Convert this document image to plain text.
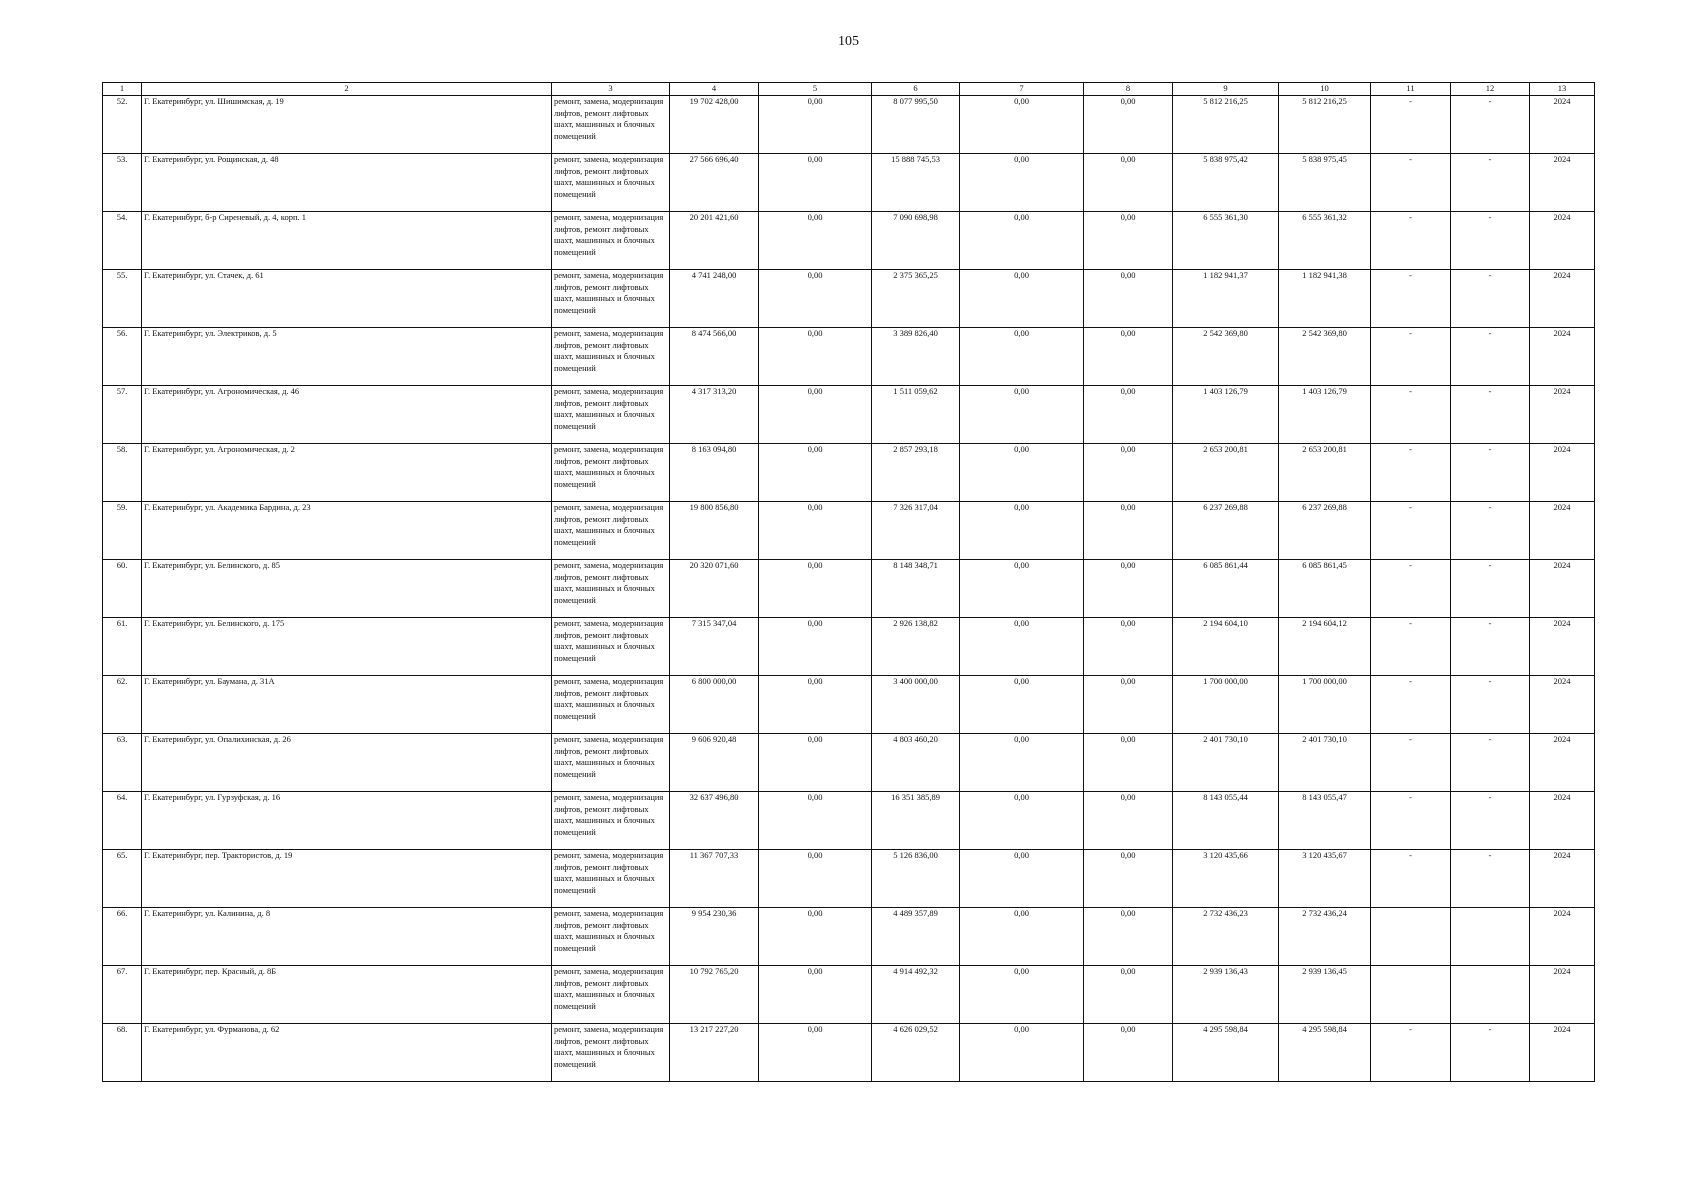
105
1	2	3	4	5	6	7	8	9	10	11	12	13
52.	Г. Екатеринбург, ул. Шишимская, д. 19	ремонт, замена, модернизация лифтов, ремонт лифтовых шахт, машинных и блочных помещений	19 702 428,00	0,00	8 077 995,50	0,00	0,00	5 812 216,25	5 812 216,25	-	-	2024
53.	Г. Екатеринбург, ул. Рощинская, д. 48	ремонт, замена, модернизация лифтов, ремонт лифтовых шахт, машинных и блочных помещений	27 566 696,40	0,00	15 888 745,53	0,00	0,00	5 838 975,42	5 838 975,45	-	-	2024
54.	Г. Екатеринбург, б-р Сиреневый, д. 4, корп. 1	ремонт, замена, модернизация лифтов, ремонт лифтовых шахт, машинных и блочных помещений	20 201 421,60	0,00	7 090 698,98	0,00	0,00	6 555 361,30	6 555 361,32	-	-	2024
55.	Г. Екатеринбург, ул. Стачек, д. 61	ремонт, замена, модернизация лифтов, ремонт лифтовых шахт, машинных и блочных помещений	4 741 248,00	0,00	2 375 365,25	0,00	0,00	1 182 941,37	1 182 941,38	-	-	2024
56.	Г. Екатеринбург, ул. Электриков, д. 5	ремонт, замена, модернизация лифтов, ремонт лифтовых шахт, машинных и блочных помещений	8 474 566,00	0,00	3 389 826,40	0,00	0,00	2 542 369,80	2 542 369,80	-	-	2024
57.	Г. Екатеринбург, ул. Агрономическая, д. 46	ремонт, замена, модернизация лифтов, ремонт лифтовых шахт, машинных и блочных помещений	4 317 313,20	0,00	1 511 059,62	0,00	0,00	1 403 126,79	1 403 126,79	-	-	2024
58.	Г. Екатеринбург, ул. Агрономическая, д. 2	ремонт, замена, модернизация лифтов, ремонт лифтовых шахт, машинных и блочных помещений	8 163 094,80	0,00	2 857 293,18	0,00	0,00	2 653 200,81	2 653 200,81	-	-	2024
59.	Г. Екатеринбург, ул. Академика Бардина, д. 23	ремонт, замена, модернизация лифтов, ремонт лифтовых шахт, машинных и блочных помещений	19 800 856,80	0,00	7 326 317,04	0,00	0,00	6 237 269,88	6 237 269,88	-	-	2024
60.	Г. Екатеринбург, ул. Белинского, д. 85	ремонт, замена, модернизация лифтов, ремонт лифтовых шахт, машинных и блочных помещений	20 320 071,60	0,00	8 148 348,71	0,00	0,00	6 085 861,44	6 085 861,45	-	-	2024
61.	Г. Екатеринбург, ул. Белинского, д. 175	ремонт, замена, модернизация лифтов, ремонт лифтовых шахт, машинных и блочных помещений	7 315 347,04	0,00	2 926 138,82	0,00	0,00	2 194 604,10	2 194 604,12	-	-	2024
62.	Г. Екатеринбург, ул. Баумана, д. 31А	ремонт, замена, модернизация лифтов, ремонт лифтовых шахт, машинных и блочных помещений	6 800 000,00	0,00	3 400 000,00	0,00	0,00	1 700 000,00	1 700 000,00	-	-	2024
63.	Г. Екатеринбург, ул. Опалихинская, д. 26	ремонт, замена, модернизация лифтов, ремонт лифтовых шахт, машинных и блочных помещений	9 606 920,48	0,00	4 803 460,20	0,00	0,00	2 401 730,10	2 401 730,10	-	-	2024
64.	Г. Екатеринбург, ул. Гурзуфская, д. 16	ремонт, замена, модернизация лифтов, ремонт лифтовых шахт, машинных и блочных помещений	32 637 496,80	0,00	16 351 385,89	0,00	0,00	8 143 055,44	8 143 055,47	-	-	2024
65.	Г. Екатеринбург, пер. Трактористов, д. 19	ремонт, замена, модернизация лифтов, ремонт лифтовых шахт, машинных и блочных помещений	11 367 707,33	0,00	5 126 836,00	0,00	0,00	3 120 435,66	3 120 435,67	-	-	2024
66.	Г. Екатеринбург, ул. Калинина, д. 8	ремонт, замена, модернизация лифтов, ремонт лифтовых шахт, машинных и блочных помещений	9 954 230,36	0,00	4 489 357,89	0,00	0,00	2 732 436,23	2 732 436,24			2024
67.	Г. Екатеринбург, пер. Красный, д. 8Б	ремонт, замена, модернизация лифтов, ремонт лифтовых шахт, машинных и блочных помещений	10 792 765,20	0,00	4 914 492,32	0,00	0,00	2 939 136,43	2 939 136,45			2024
68.	Г. Екатеринбург, ул. Фурманова, д. 62	ремонт, замена, модернизация лифтов, ремонт лифтовых шахт, машинных и блочных помещений	13 217 227,20	0,00	4 626 029,52	0,00	0,00	4 295 598,84	4 295 598,84	-	-	2024
